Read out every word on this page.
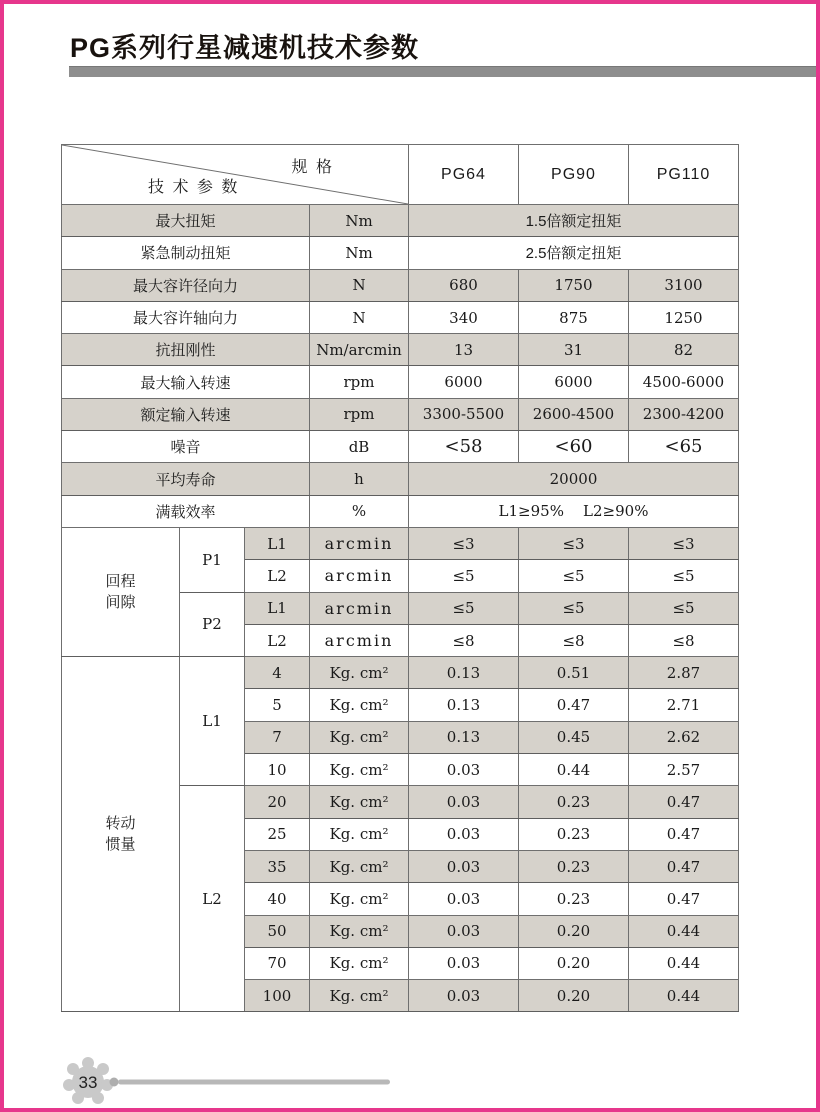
PG系列行星减速机技术参数
规 格
技 术 参 数				PG64	PG90	PG110
最大扭矩			Nm	1.5倍额定扭矩		
紧急制动扭矩			Nm	2.5倍额定扭矩		
最大容许径向力			N	680	1750	3100
最大容许轴向力			N	340	875	1250
抗扭刚性			Nm/arcmin	13	31	82
最大输入转速			rpm	6000	6000	4500-6000
额定输入转速			rpm	3300-5500	2600-4500	2300-4200
噪音			dB	<58	<60	<65
平均寿命			h	20000		
满载效率			%	L1≥95%    L2≥90%		

回程
间隙	P1	L1	arcmin	≤3	≤3	≤3
		L2	arcmin	≤5	≤5	≤5
	P2	L1	arcmin	≤5	≤5	≤5
		L2	arcmin	≤8	≤8	≤8

转动
惯量	L1	4	Kg. cm²	0.13	0.51	2.87
		5	Kg. cm²	0.13	0.47	2.71
		7	Kg. cm²	0.13	0.45	2.62
		10	Kg. cm²	0.03	0.44	2.57
	L2	20	Kg. cm²	0.03	0.23	0.47
		25	Kg. cm²	0.03	0.23	0.47
		35	Kg. cm²	0.03	0.23	0.47
		40	Kg. cm²	0.03	0.23	0.47
		50	Kg. cm²	0.03	0.20	0.44
		70	Kg. cm²	0.03	0.20	0.44
		100	Kg. cm²	0.03	0.20	0.44
33
